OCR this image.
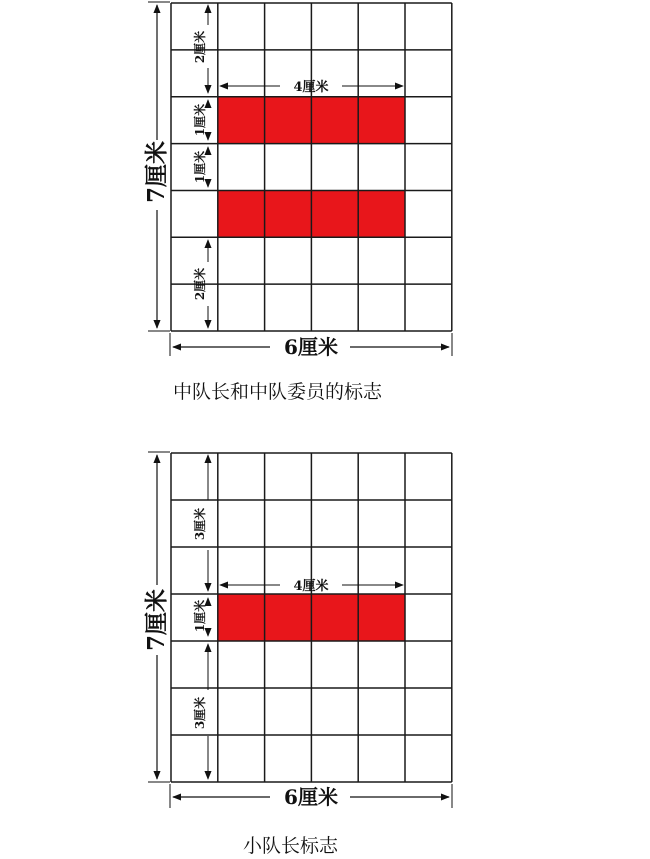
7厘米
6厘米
4厘米
2厘米
1厘米
1厘米
2厘米
7厘米
6厘米
4厘米
3厘米
1厘米
3厘米
中队长和中队委员的标志
小队长标志
